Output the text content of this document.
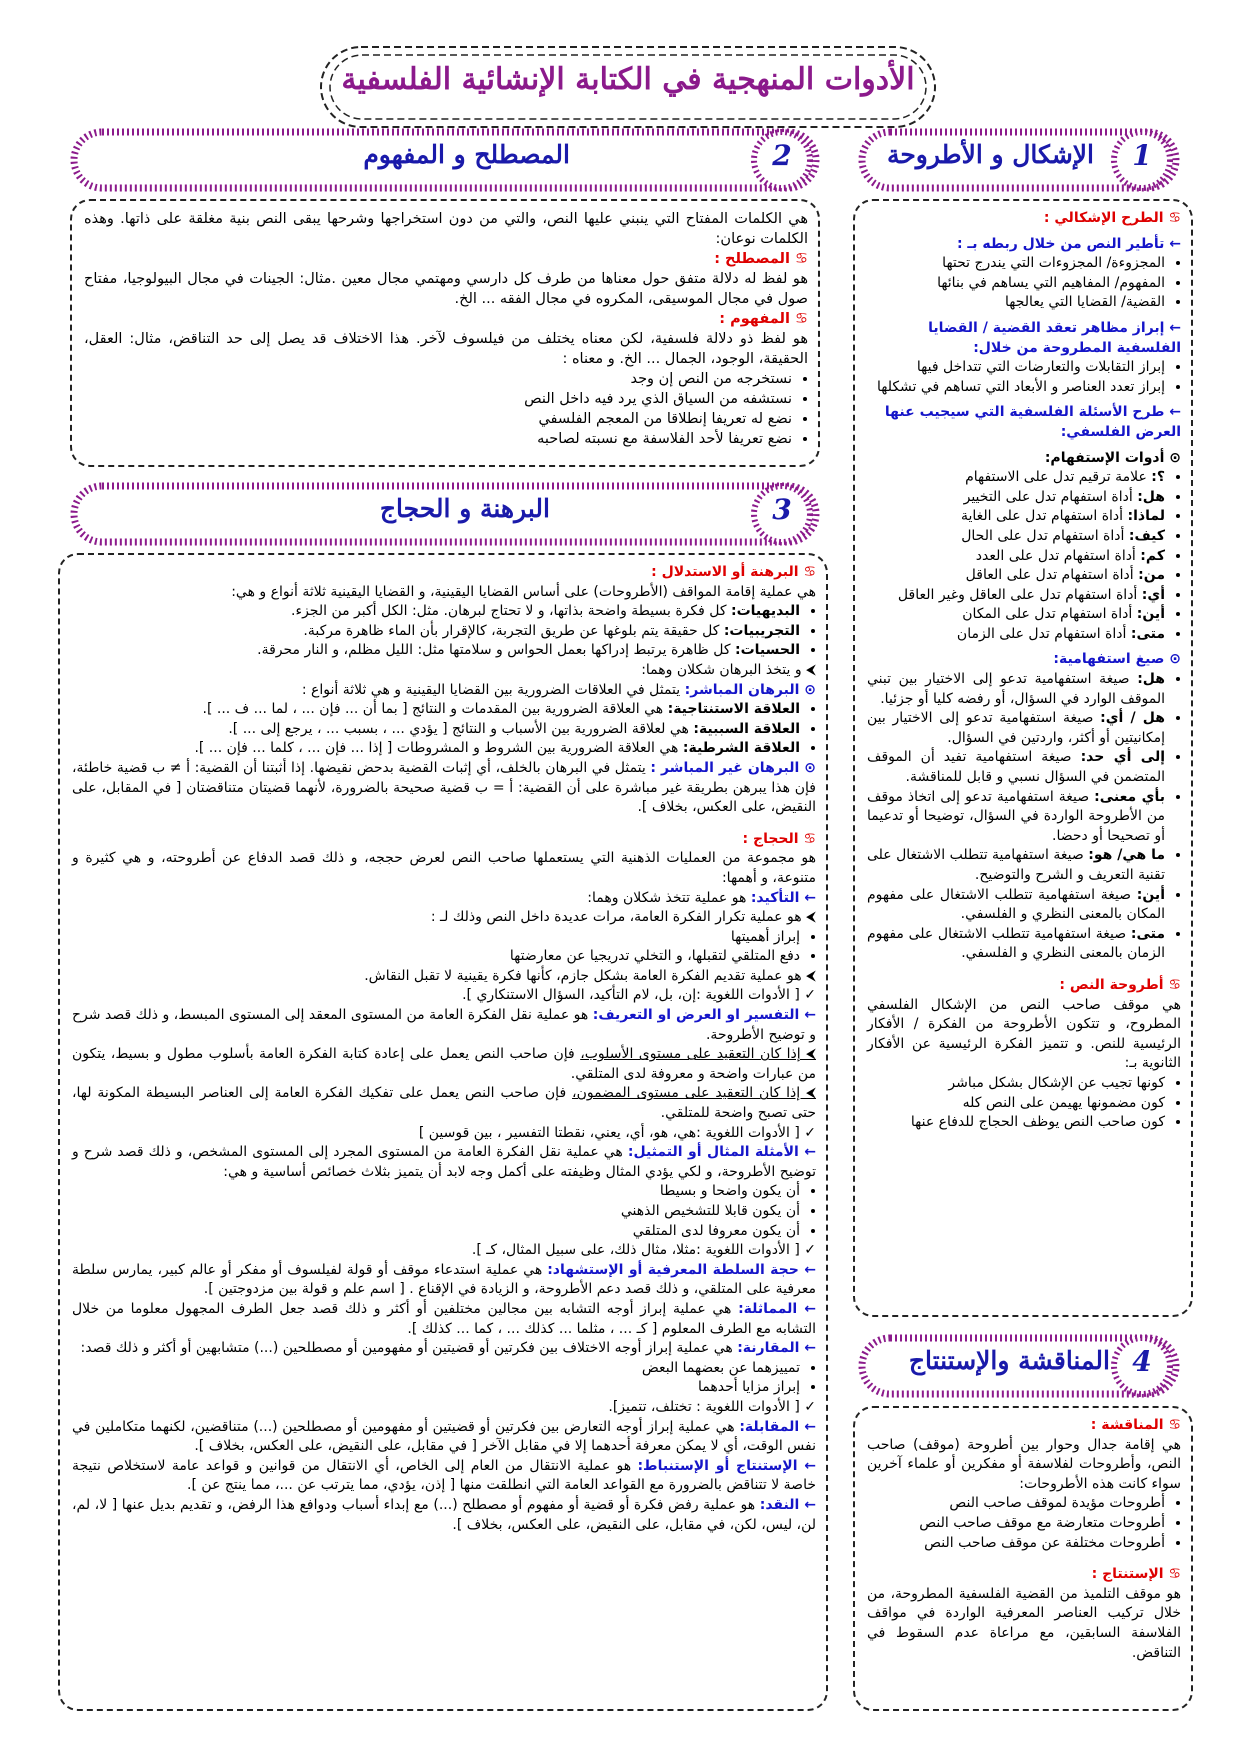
الأدوات المنهجية في الكتابة الإنشائية الفلسفية
2
المصطلح و المفهوم	1
الإشكال و الأطروحة

هي الكلمات المفتاح التي ينبني عليها النص، والتي من دون استخراجها وشرحها يبقى النص بنية مغلقة على ذاتها. وهذه الكلمات نوعان:

♋ المصطلح :

هو لفظ له دلالة متفق حول معناها من طرف كل دارسي ومهتمي مجال معين .مثال: الجينات في مجال البيولوجيا، مفتاح صول في مجال الموسيقى، المكروه في مجال الفقه ... الخ.

♋ المفهوم :

هو لفظ ذو دلالة فلسفية، لكن معناه يختلف من فيلسوف لآخر. هذا الاختلاف قد يصل إلى حد التناقض، مثال: العقل، الحقيقة، الوجود، الجمال ... الخ. و معناه :

• نستخرجه من النص إن وجد
• نستشفه من السياق الذي يرد فيه داخل النص
• نضع له تعريفا إنطلاقا من المعجم الفلسفي
• نضع تعريفا لأحد الفلاسفة مع نسبته لصاحبه
3
البرهنة و الحجاج

♋ البرهنة أو الاستدلال :

هي عملية إقامة المواقف (الأطروحات) على أساس القضايا اليقينية، و القضايا اليقينية ثلاثة أنواع و هي:

• البديهيات: كل فكرة بسيطة واضحة بذاتها، و لا تحتاج لبرهان. مثل: الكل أكبر من الجزء.
• التجريبيات: كل حقيقة يتم بلوغها عن طريق التجربة، كالإقرار بأن الماء ظاهرة مركبة.
• الحسيات: كل ظاهرة يرتبط إدراكها بعمل الحواس و سلامتها مثل: الليل مظلم، و النار محرقة.

⮜ و يتخذ البرهان شكلان وهما:

⊙ البرهان المباشر: يتمثل في العلاقات الضرورية بين القضايا اليقينية و هي ثلاثة أنواع :

• العلاقة الاستنتاجية: هي العلاقة الضرورية بين المقدمات و النتائج [ بما أن ... فإن ... ، لما ... ف ... ].
• العلاقة السببية: هي لعلاقة الضرورية بين الأسباب و النتائج [ يؤدي ... ، بسبب ... ، يرجع إلى ... ].
• العلاقة الشرطية: هي العلاقة الضرورية بين الشروط و المشروطات [ إذا ... فإن ... ، كلما ... فإن ... ].

⊙ البرهان غير المباشر : يتمثل في البرهان بالخلف، أي إثبات القضية بدحض نقيضها. إذا أثبتنا أن القضية: أ ≠ ب قضية خاطئة، فإن هذا يبرهن بطريقة غير مباشرة على أن القضية: أ = ب قضية صحيحة بالضرورة، لأنهما قضيتان متناقضتان [ في المقابل، على النقيض، على العكس، بخلاف ].

♋ الحجاج :

هو مجموعة من العمليات الذهنية التي يستعملها صاحب النص لعرض حججه، و ذلك قصد الدفاع عن أطروحته، و هي كثيرة و متنوعة، و أهمها:

← التأكيد: هو عملية تتخذ شكلان وهما:

⮜ هو عملية تكرار الفكرة العامة، مرات عديدة داخل النص وذلك لـ :

• إبراز أهميتها
• دفع المتلقي لتقبلها، و التخلي تدريجيا عن معارضتها

⮜ هو عملية تقديم الفكرة العامة بشكل جازم، كأنها فكرة يقينية لا تقبل النقاش.

✓ [ الأدوات اللغوية :إن، بل، لام التأكيد، السؤال الاستنكاري ].

← التفسير او العرض او التعريف: هو عملية نقل الفكرة العامة من المستوى المعقد إلى المستوى المبسط، و ذلك قصد شرح و توضيح الأطروحة.

⮜ إذا كان التعقيد على مستوى الأسلوب، فإن صاحب النص يعمل على إعادة كتابة الفكرة العامة بأسلوب مطول و بسيط، يتكون من عبارات واضحة و معروفة لدى المتلقي.

⮜ إذا كان التعقيد على مستوى المضمون، فإن صاحب النص يعمل على تفكيك الفكرة العامة إلى العناصر البسيطة المكونة لها، حتى تصبح واضحة للمتلقي.

✓ [ الأدوات اللغوية :هي، هو، أي، يعني، نقطتا التفسير ، بين قوسين ]

← الأمثلة المثال أو التمثيل: هي عملية نقل الفكرة العامة من المستوى المجرد إلى المستوى المشخص، و ذلك قصد شرح و توضيح الأطروحة، و لكي يؤدي المثال وظيفته على أكمل وجه لابد أن يتميز بثلاث خصائص أساسية و هي:

• أن يكون واضحا و بسيطا
• أن يكون قابلا للتشخيص الذهني
• أن يكون معروفا لدى المتلقي

✓ [ الأدوات اللغوية :مثلا، مثال ذلك، على سبيل المثال، كـ ].

← حجة السلطة المعرفية أو الإستشهاد: هي عملية استدعاء موقف أو قولة لفيلسوف أو مفكر أو عالم كبير، يمارس سلطة معرفية على المتلقي، و ذلك قصد دعم الأطروحة، و الزيادة في الإقناع . [ اسم علم و قولة بين مزدوجتين ].

← المماثلة: هي عملية إبراز أوجه التشابه بين مجالين مختلفين أو أكثر و ذلك قصد جعل الطرف المجهول معلوما من خلال التشابه مع الطرف المعلوم [ كـ ... ، مثلما ... كذلك ... ، كما ... كذلك ].

← المقارنة: هي عملية إبراز أوجه الاختلاف بين فكرتين أو قضيتين أو مفهومين أو مصطلحين (...) متشابهين أو أكثر و ذلك قصد:

• تمييزهما عن بعضهما البعض
• إبراز مزايا أحدهما

✓ [ الأدوات اللغوية : تختلف، تتميز].

← المقابلة: هي عملية إبراز أوجه التعارض بين فكرتين أو قضيتين أو مفهومين أو مصطلحين (...) متناقضين، لكنهما متكاملين في نفس الوقت، أي لا يمكن معرفة أحدهما إلا في مقابل الآخر [ في مقابل، على النقيض، على العكس، بخلاف ].

← الإستنتاج أو الإستنباط: هو عملية الانتقال من العام إلى الخاص، أي الانتقال من قوانين و قواعد عامة لاستخلاص نتيجة خاصة لا تتناقض بالضرورة مع القواعد العامة التي انطلقت منها [ إذن، يؤدي، مما يترتب عن ...، مما ينتج عن ].

← النقد: هو عملية رفض فكرة أو قضية أو مفهوم أو مصطلح (...) مع إبداء أسباب ودوافع هذا الرفض، و تقديم بديل عنها [ لا، لم، لن، ليس، لكن، في مقابل، على النقيض، على العكس، بخلاف ].

♋ الطرح الإشكالي :

← تأطير النص من خلال ربطه بـ :

• المجزوءة/ المجزوءات التي يندرج تحتها
• المفهوم/ المفاهيم التي يساهم في بنائها
• القضية/ القضايا التي يعالجها

← إبراز مظاهر تعقد القضية / القضايا الفلسفية المطروحة من خلال:

• إبراز التقابلات والتعارضات التي تتداخل فيها
• إبراز تعدد العناصر و الأبعاد التي تساهم في تشكلها

← طرح الأسئلة الفلسفية التي سيجيب عنها العرض الفلسفي:

⊙ أدوات الإستفهام:

• ؟: علامة ترقيم تدل على الاستفهام
• هل: أداة استفهام تدل على التخيير
• لماذا: أداة استفهام تدل على الغاية
• كيف: أداة استفهام تدل على الحال
• كم: أداة استفهام تدل على العدد
• من: أداة استفهام تدل على العاقل
• أي: أداة استفهام تدل على العاقل وغير العاقل
• أين: أداة استفهام تدل على المكان
• متى: أداة استفهام تدل على الزمان

⊙ صيغ استفهامية:

• هل: صيغة استفهامية تدعو إلى الاختيار بين تبني الموقف الوارد في السؤال، أو رفضه كليا أو جزئيا.
• هل / أي: صيغة استفهامية تدعو إلى الاختيار بين إمكانيتين أو أكثر، واردتين في السؤال.
• إلى أي حد: صيغة استفهامية تفيد أن الموقف المتضمن في السؤال نسبي و قابل للمناقشة.
• بأي معنى: صيغة استفهامية تدعو إلى اتخاذ موقف من الأطروحة الواردة في السؤال، توضيحا أو تدعيما أو تصحيحا أو دحضا.
• ما هي/ هو: صيغة استفهامية تتطلب الاشتغال على تقنية التعريف و الشرح والتوضيح.
• أين: صيغة استفهامية تتطلب الاشتغال على مفهوم المكان بالمعنى النظري و الفلسفي.
• متى: صيغة استفهامية تتطلب الاشتغال على مفهوم الزمان بالمعنى النظري و الفلسفي.

♋ أطروحة النص :

هي موقف صاحب النص من الإشكال الفلسفي المطروح، و تتكون الأطروحة من الفكرة / الأفكار الرئيسية للنص. و تتميز الفكرة الرئيسية عن الأفكار الثانوية بـ:

• كونها تجيب عن الإشكال بشكل مباشر
• كون مضمونها يهيمن على النص كله
• كون صاحب النص يوظف الحجاج للدفاع عنها
4
المناقشة والإستنتاج

♋ المناقشة :

هي إقامة جدال وحوار بين أطروحة (موقف) صاحب النص، وأطروحات لفلاسفة أو مفكرين أو علماء آخرين سواء كانت هذه الأطروحات:

• أطروحات مؤيدة لموقف صاحب النص
• أطروحات متعارضة مع موقف صاحب النص
• أطروحات مختلفة عن موقف صاحب النص

♋ الإستنتاج :

هو موقف التلميذ من القضية الفلسفية المطروحة، من خلال تركيب العناصر المعرفية الواردة في مواقف الفلاسفة السابقين، مع مراعاة عدم السقوط في التناقض.
